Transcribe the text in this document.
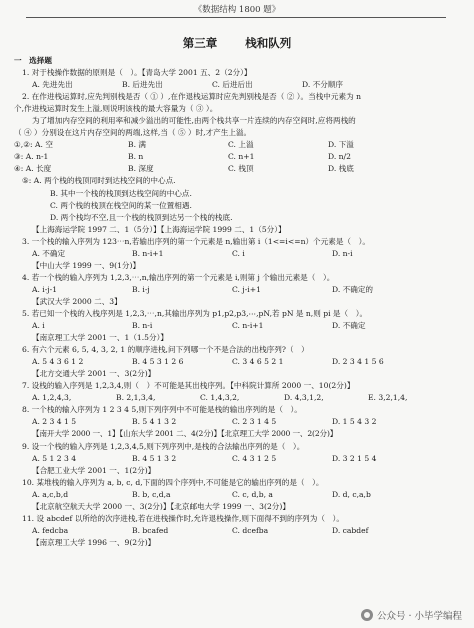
《数据结构 1800 题》
第三章 栈和队列
一　选择题
1. 对于栈操作数据的原则是（　）。【青岛大学 2001 五、2（2分）】
A. 先进先出	B. 后进先出	C. 后进后出	D. 不分顺序
2. 在作进栈运算时,应先判别栈是否（ ① ）,在作退栈运算时应先判别栈是否（ ② ）。当栈中元素为 n
个,作进栈运算时发生上溢,则说明该栈的最大容量为（ ③ ）。
为了增加内存空间的利用率和减少溢出的可能性,由两个栈共享一片连续的内存空间时,应将两栈的
（ ④ ）分别设在这片内存空间的两端,这样,当（ ⑤ ）时,才产生上溢。
①,②: A. 空	B. 满	C. 上溢	D. 下溢
③: A. n-1	B. n	C. n+1	D. n/2
④: A. 长度	B. 深度	C. 栈顶	D. 栈底
⑤: A. 两个栈的栈顶同时到达栈空间的中心点.
B. 其中一个栈的栈顶到达栈空间的中心点.
C. 两个栈的栈顶在栈空间的某一位置相遇.
D. 两个栈均不空,且一个栈的栈顶到达另一个栈的栈底.
【上海海运学院 1997 二、1（5分）】【上海海运学院 1999 二、1（5分）】
3. 一个栈的输入序列为 123⋯n,若输出序列的第一个元素是 n,输出第 i（1<=i<=n）个元素是（　）。
A. 不确定	B. n-i+1	C. i	D. n-i
【中山大学 1999 一、9(1分)】
4. 若一个栈的输入序列为 1,2,3,⋯,n,输出序列的第一个元素是 i,则第 j 个输出元素是（　）。
A. i-j-1	B. i-j	C. j-i+1	D. 不确定的
【武汉大学 2000 二、3】
5. 若已知一个栈的入栈序列是 1,2,3,⋯,n,其输出序列为 p1,p2,p3,⋯,pN,若 pN 是 n,则 pi 是（　）。
A. i	B. n-i	C. n-i+1	D. 不确定
【南京理工大学 2001 一、1（1.5分）】
6. 有六个元素 6, 5, 4, 3, 2, 1 的顺序进栈,问下列哪一个不是合法的出栈序列?（　）
A. 5 4 3 6 1 2	B. 4 5 3 1 2 6	C. 3 4 6 5 2 1	D. 2 3 4 1 5 6
【北方交通大学 2001 一、3(2分)】
7. 设栈的输入序列是 1,2,3,4,则（　）不可能是其出栈序列。【中科院计算所 2000 一、10(2分)】
A. 1,2,4,3,	B. 2,1,3,4,	C. 1,4,3,2,	D. 4,3,1,2,	E. 3,2,1,4,
8. 一个栈的输入序列为 1 2 3 4 5,则下列序列中不可能是栈的输出序列的是（　）。
A. 2 3 4 1 5	B. 5 4 1 3 2	C. 2 3 1 4 5	D. 1 5 4 3 2
【南开大学 2000 一、1】【山东大学 2001 二、4(2分)】【北京理工大学 2000 一、2(2分)】
9. 设一个栈的输入序列是 1,2,3,4,5,则下列序列中,是栈的合法输出序列的是（　）。
A. 5 1 2 3 4	B. 4 5 1 3 2	C. 4 3 1 2 5	D. 3 2 1 5 4
【合肥工业大学 2001 一、1(2分)】
10. 某堆栈的输入序列为 a, b, c, d,下面的四个序列中,不可能是它的输出序列的是（　）。
A. a,c,b,d	B. b, c,d,a	C. c, d,b, a	D. d, c,a,b
【北京航空航天大学 2000 一、3(2分)】【北京邮电大学 1999 一、3(2分)】
11. 设 abcdef 以所给的次序进栈,若在进栈操作时,允许退栈操作,则下面得不到的序列为（　）。
A. fedcba	B. bcafed	C. dcefba	D. cabdef
【南京理工大学 1996 一、9(2分)】
公众号 · 小毕学编程
